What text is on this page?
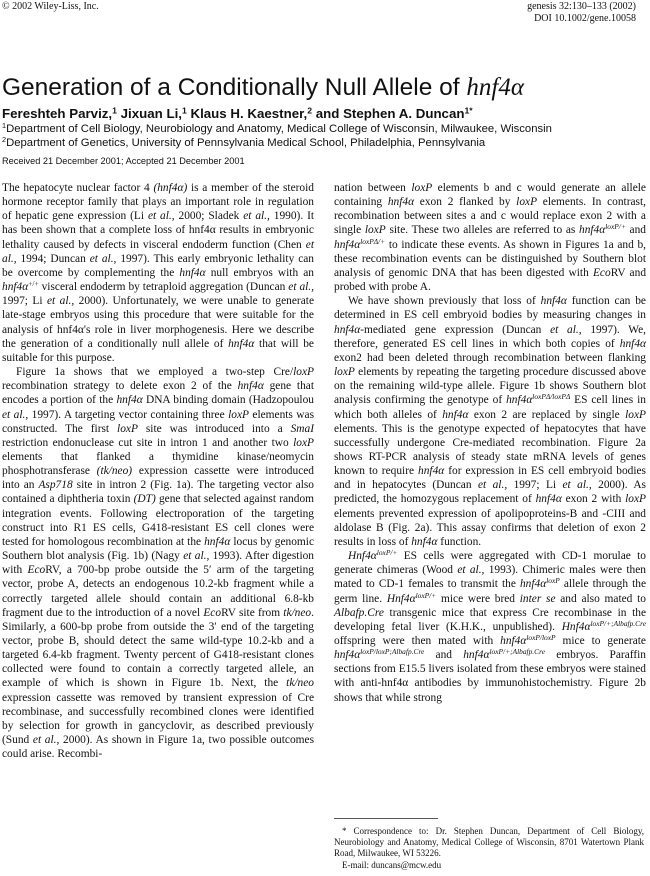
© 2002 Wiley-Liss, Inc.	genesis 32:130–133 (2002)
DOI 10.1002/gene.10058
Generation of a Conditionally Null Allele of hnf4α
Fereshteh Parviz,$^1$ Jixuan Li,$^1$ Klaus H. Kaestner,$^2$ and Stephen A. Duncan$^{1*}$
$^1$Department of Cell Biology, Neurobiology and Anatomy, Medical College of Wisconsin, Milwaukee, Wisconsin
$^2$Department of Genetics, University of Pennsylvania Medical School, Philadelphia, Pennsylvania
Received 21 December 2001; Accepted 21 December 2001

The hepatocyte nuclear factor 4 (hnf4α) is a member of the steroid hormone receptor family that plays an important role in regulation of hepatic gene expression (Li et al., 2000; Sladek et al., 1990). It has been shown that a complete loss of hnf4α results in embryonic lethality caused by defects in visceral endoderm function (Chen et al., 1994; Duncan et al., 1997). This early embryonic lethality can be overcome by complementing the hnf4α null embryos with an hnf4α+/+ visceral endoderm by tetraploid aggregation (Duncan et al., 1997; Li et al., 2000). Unfortunately, we were unable to generate late-stage embryos using this procedure that were suitable for the analysis of hnf4α's role in liver morphogenesis. Here we describe the generation of a conditionally null allele of hnf4α that will be suitable for this purpose.

Figure 1a shows that we employed a two-step Cre/loxP recombination strategy to delete exon 2 of the hnf4α gene that encodes a portion of the hnf4α DNA binding domain (Hadzopoulou et al., 1997). A targeting vector containing three loxP elements was constructed. The first loxP site was introduced into a SmaI restriction endonuclease cut site in intron 1 and another two loxP elements that flanked a thymidine kinase/neomycin phosphotransferase (tk/neo) expression cassette were introduced into an Asp718 site in intron 2 (Fig. 1a). The targeting vector also contained a diphtheria toxin (DT) gene that selected against random integration events. Following electroporation of the targeting construct into R1 ES cells, G418-resistant ES cell clones were tested for homologous recombination at the hnf4α locus by genomic Southern blot analysis (Fig. 1b) (Nagy et al., 1993). After digestion with EcoRV, a 700-bp probe outside the 5′ arm of the targeting vector, probe A, detects an endogenous 10.2-kb fragment while a correctly targeted allele should contain an additional 6.8-kb fragment due to the introduction of a novel EcoRV site from tk/neo. Similarly, a 600-bp probe from outside the 3′ end of the targeting vector, probe B, should detect the same wild-type 10.2-kb and a targeted 6.4-kb fragment. Twenty percent of G418-resistant clones collected were found to contain a correctly targeted allele, an example of which is shown in Figure 1b. Next, the tk/neo expression cassette was removed by transient expression of Cre recombinase, and successfully recombined clones were identified by selection for growth in gancyclovir, as described previously (Sund et al., 2000). As shown in Figure 1a, two possible outcomes could arise. Recombi-

nation between loxP elements b and c would generate an allele containing hnf4α exon 2 flanked by loxP elements. In contrast, recombination between sites a and c would replace exon 2 with a single loxP site. These two alleles are referred to as $hnf4\alpha^{loxP/+}$ and $hnf4\alpha^{loxP\Delta/+}$ to indicate these events. As shown in Figures 1a and b, these recombination events can be distinguished by Southern blot analysis of genomic DNA that has been digested with EcoRV and probed with probe A.

We have shown previously that loss of hnf4α function can be determined in ES cell embryoid bodies by measuring changes in hnf4α-mediated gene expression (Duncan et al., 1997). We, therefore, generated ES cell lines in which both copies of hnf4α exon2 had been deleted through recombination between flanking loxP elements by repeating the targeting procedure discussed above on the remaining wild-type allele. Figure 1b shows Southern blot analysis confirming the genotype of $hnf4\alpha^{loxP\Delta/loxP\Delta}$ ES cell lines in which both alleles of hnf4α exon 2 are replaced by single loxP elements. This is the genotype expected of hepatocytes that have successfully undergone Cre-mediated recombination. Figure 2a shows RT-PCR analysis of steady state mRNA levels of genes known to require hnf4α for expression in ES cell embryoid bodies and in hepatocytes (Duncan et al., 1997; Li et al., 2000). As predicted, the homozygous replacement of hnf4α exon 2 with loxP elements prevented expression of apolipoproteins-B and -CIII and aldolase B (Fig. 2a). This assay confirms that deletion of exon 2 results in loss of hnf4α function.

$Hnf4\alpha^{loxP/+}$ ES cells were aggregated with CD-1 morulae to generate chimeras (Wood et al., 1993). Chimeric males were then mated to CD-1 females to transmit the $hnf4\alpha^{loxP}$ allele through the germ line. $Hnf4\alpha^{loxP/+}$ mice were bred inter se and also mated to Albafp.Cre transgenic mice that express Cre recombinase in the developing fetal liver (K.H.K., unpublished). $Hnf4\alpha^{loxP/+;Albafp.Cre}$ offspring were then mated with $hnf4\alpha^{loxP/loxP}$ mice to generate $hnf4\alpha^{loxP/loxP;Albafp.Cre}$ and $hnf4\alpha^{loxP/+;Albafp.Cre}$ embryos. Paraffin sections from E15.5 livers isolated from these embryos were stained with anti-hnf4α antibodies by immunohistochemistry. Figure 2b shows that while strong

* Correspondence to: Dr. Stephen Duncan, Department of Cell Biology, Neurobiology and Anatomy, Medical College of Wisconsin, 8701 Watertown Plank Road, Milwaukee, WI 53226.

E-mail: duncans@mcw.edu
